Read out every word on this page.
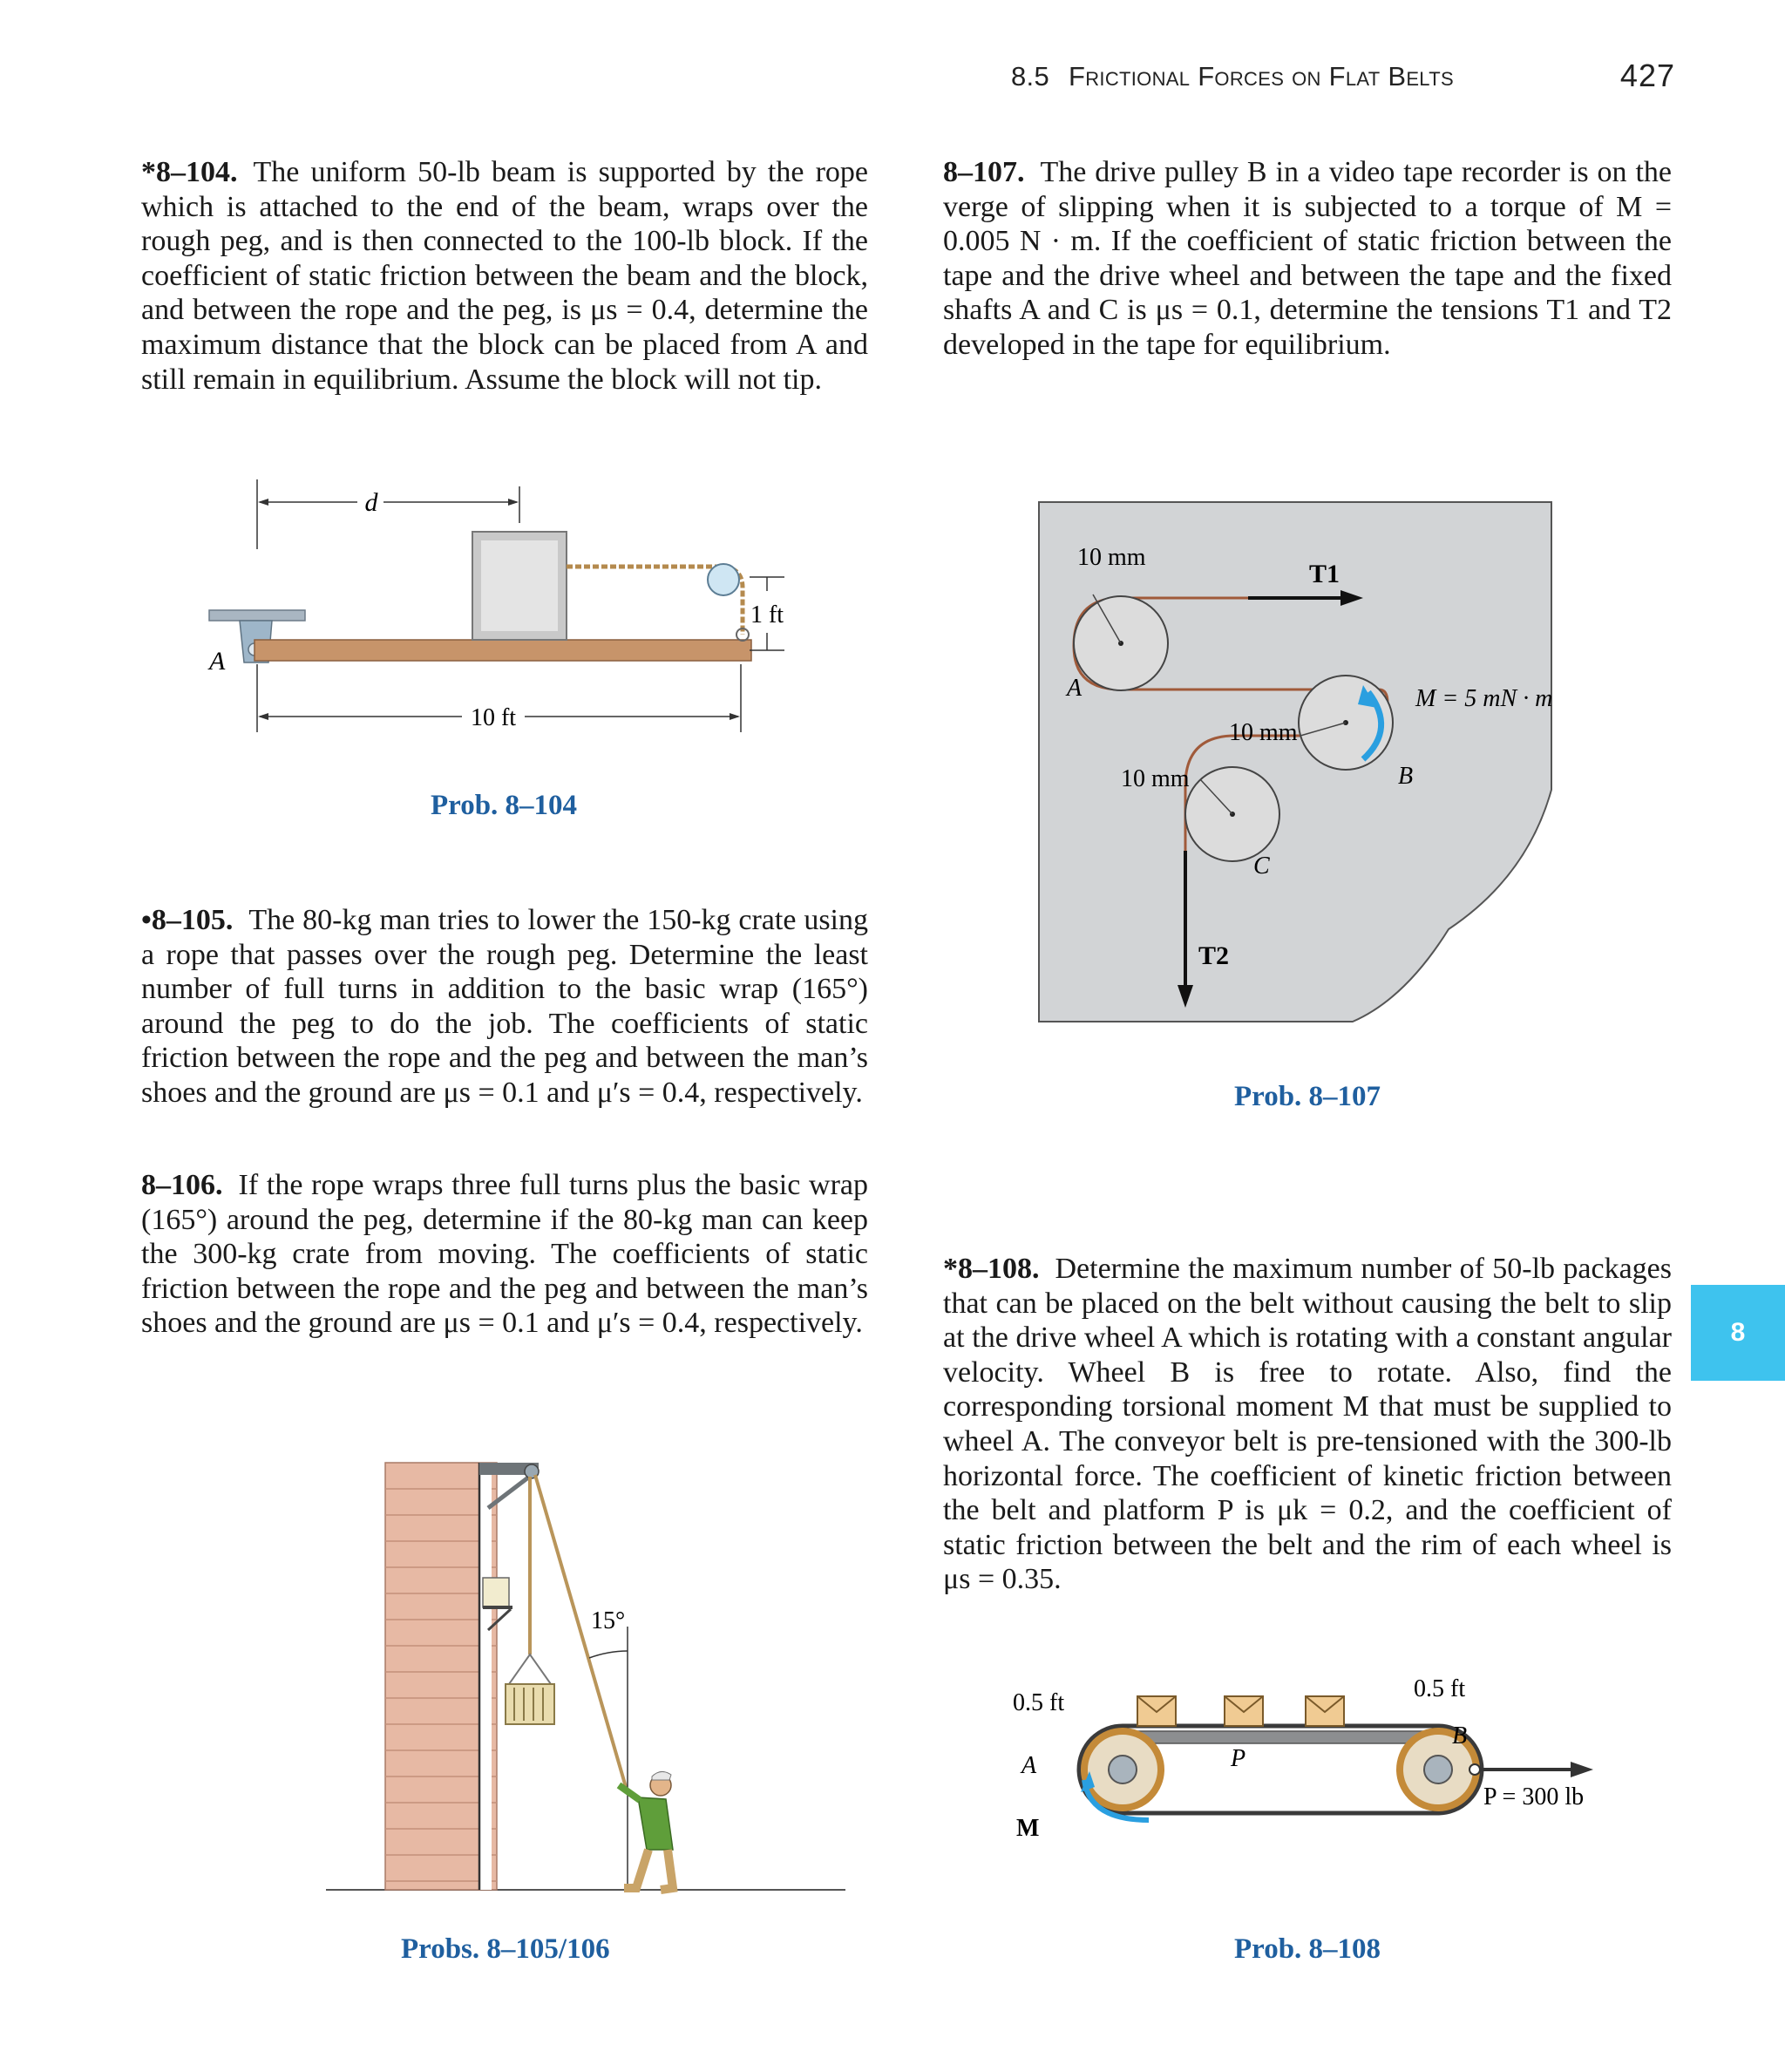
8.5 Frictional Forces on Flat Belts	427
*8–104. The uniform 50-lb beam is supported by the rope which is attached to the end of the beam, wraps over the rough peg, and is then connected to the 100-lb block. If the coefficient of static friction between the beam and the block, and between the rope and the peg, is μs = 0.4, determine the maximum distance that the block can be placed from A and still remain in equilibrium. Assume the block will not tip.
•8–105. The 80-kg man tries to lower the 150-kg crate using a rope that passes over the rough peg. Determine the least number of full turns in addition to the basic wrap (165°) around the peg to do the job. The coefficients of static friction between the rope and the peg and between the man’s shoes and the ground are μs = 0.1 and μ′s = 0.4, respectively.
8–106. If the rope wraps three full turns plus the basic wrap (165°) around the peg, determine if the 80-kg man can keep the 300-kg crate from moving. The coefficients of static friction between the rope and the peg and between the man’s shoes and the ground are μs = 0.1 and μ′s = 0.4, respectively.
8–107. The drive pulley B in a video tape recorder is on the verge of slipping when it is subjected to a torque of M = 0.005 N · m. If the coefficient of static friction between the tape and the drive wheel and between the tape and the fixed shafts A and C is μs = 0.1, determine the tensions T1 and T2 developed in the tape for equilibrium.
*8–108. Determine the maximum number of 50-lb packages that can be placed on the belt without causing the belt to slip at the drive wheel A which is rotating with a constant angular velocity. Wheel B is free to rotate. Also, find the corresponding torsional moment M that must be supplied to wheel A. The conveyor belt is pre-tensioned with the 300-lb horizontal force. The coefficient of kinetic friction between the belt and platform P is μk = 0.2, and the coefficient of static friction between the belt and the rim of each wheel is μs = 0.35.
d
A
1 ft
10 ft
Prob. 8–104
T1
T2
10 mm
10 mm
10 mm
A
B
C
M = 5 mN · m
Prob. 8–107
15°
Probs. 8–105/106
0.5 ft
0.5 ft
A
B
P
M
P = 300 lb
Prob. 8–108
8
